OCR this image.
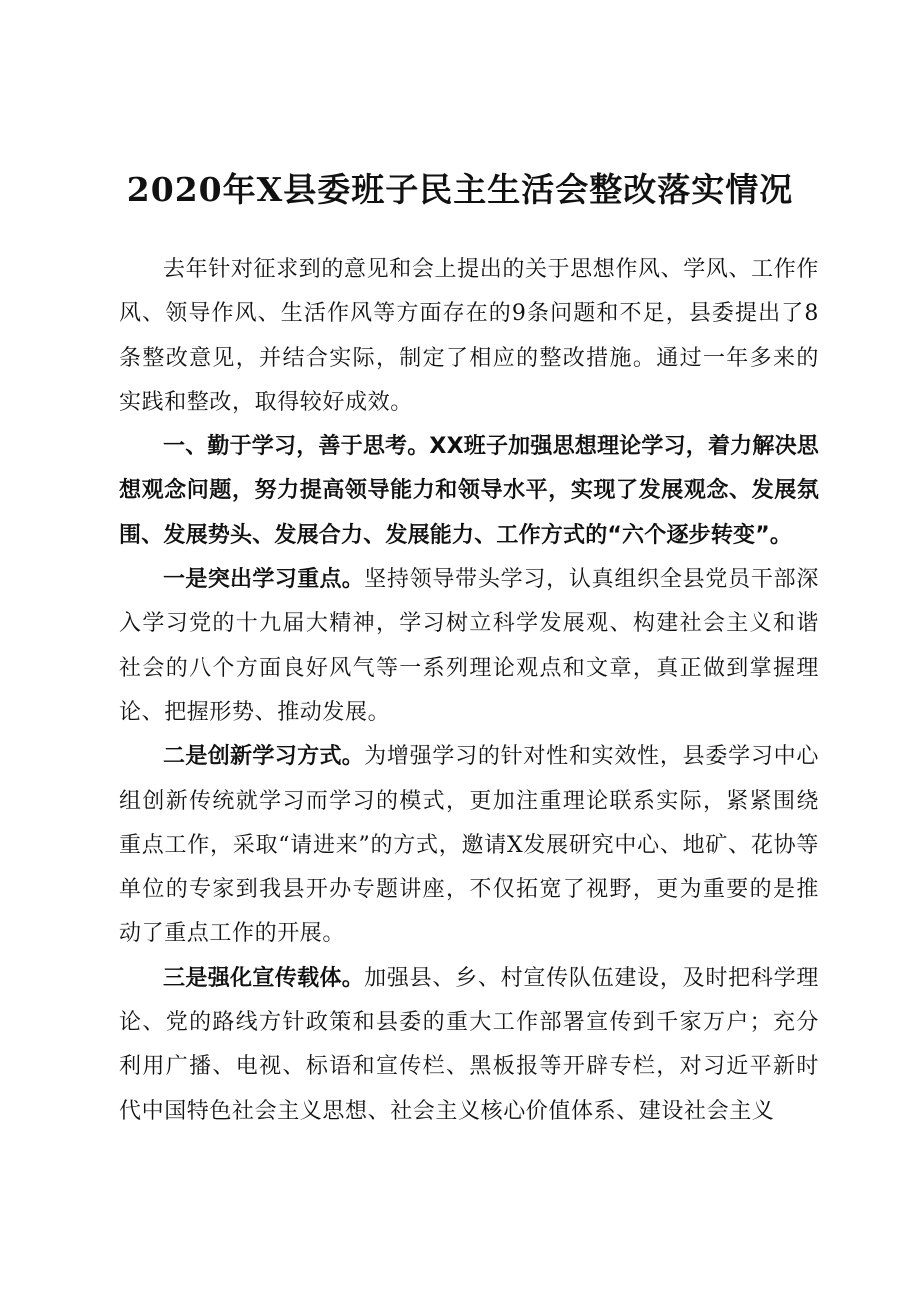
2020年X县委班子民主生活会整改落实情况

去年针对征求到的意见和会上提出的关于思想作风、学风、工作作风、领导作风、生活作风等方面存在的9条问题和不足，县委提出了8条整改意见，并结合实际，制定了相应的整改措施。通过一年多来的实践和整改，取得较好成效。

一、勤于学习，善于思考。XX班子加强思想理论学习，着力解决思想观念问题，努力提高领导能力和领导水平，实现了发展观念、发展氛围、发展势头、发展合力、发展能力、工作方式的“六个逐步转变”。

一是突出学习重点。坚持领导带头学习，认真组织全县党员干部深入学习党的十九届大精神，学习树立科学发展观、构建社会主义和谐社会的八个方面良好风气等一系列理论观点和文章，真正做到掌握理论、把握形势、推动发展。

二是创新学习方式。为增强学习的针对性和实效性，县委学习中心组创新传统就学习而学习的模式，更加注重理论联系实际，紧紧围绕重点工作，采取“请进来”的方式，邀请X发展研究中心、地矿、花协等单位的专家到我县开办专题讲座，不仅拓宽了视野，更为重要的是推动了重点工作的开展。

三是强化宣传载体。加强县、乡、村宣传队伍建设，及时把科学理论、党的路线方针政策和县委的重大工作部署宣传到千家万户；充分利用广播、电视、标语和宣传栏、黑板报等开辟专栏，对习近平新时代中国特色社会主义思想、社会主义核心价值体系、建设社会主义
